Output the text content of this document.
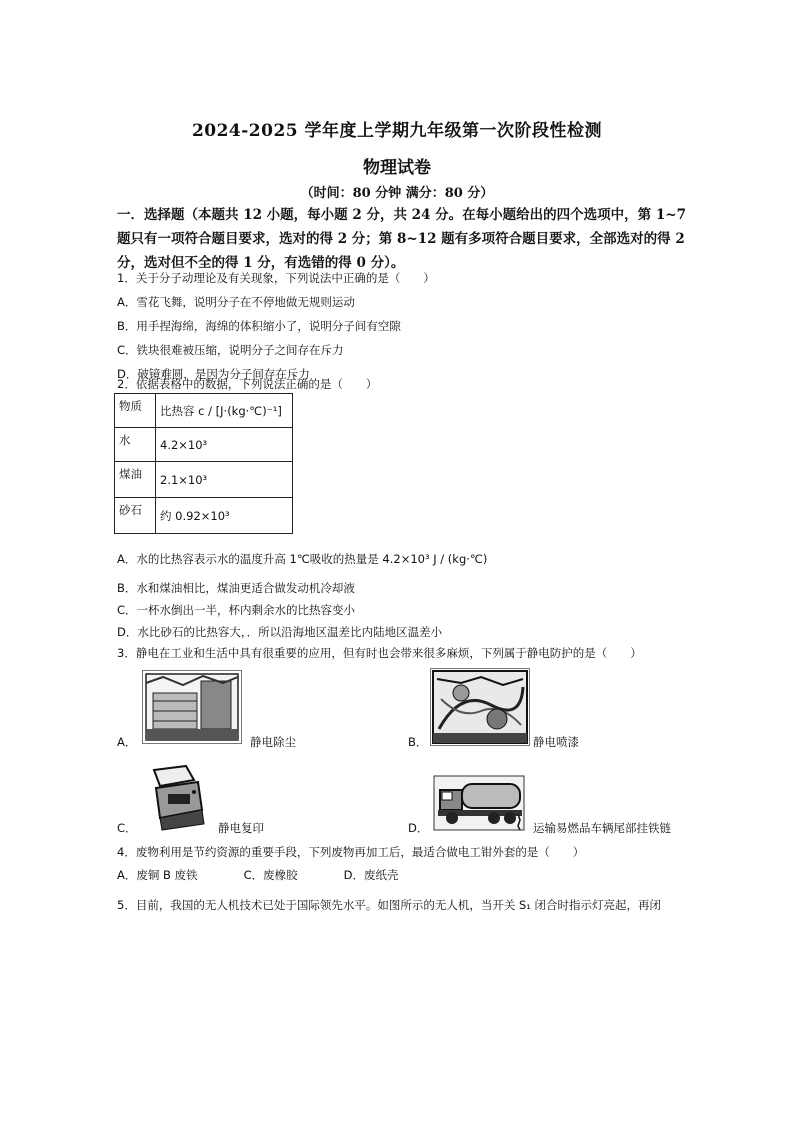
2024-2025 学年度上学期九年级第一次阶段性检测
物理试卷
（时间：80 分钟 满分：80 分）
一．选择题（本题共 12 小题，每小题 2 分，共 24 分。在每小题给出的四个选项中，第 1~7
题只有一项符合题目要求，选对的得 2 分；第 8~12 题有多项符合题目要求，全部选对的得 2
分，选对但不全的得 1 分，有选错的得 0 分）。
1．关于分子动理论及有关现象，下列说法中正确的是（　　）
A．雪花飞舞，说明分子在不停地做无规则运动
B．用手捏海绵，海绵的体积缩小了，说明分子间有空隙
C．铁块很难被压缩，说明分子之间存在斥力
D．破镜难圆，是因为分子间存在斥力
2．依据表格中的数据，下列说法正确的是（　　）
物质	比热容 c / [J·(kg·℃)⁻¹]
水	4.2×10³
煤油	2.1×10³
砂石	约 0.92×10³
A．水的比热容表示水的温度升高 1℃吸收的热量是 4.2×10³ J / (kg·℃)
B．水和煤油相比，煤油更适合做发动机冷却液
C．一杯水倒出一半，杯内剩余水的比热容变小
D．水比砂石的比热容大，．所以沿海地区温差比内陆地区温差小
3．静电在工业和生活中具有很重要的应用，但有时也会带来很多麻烦，下列属于静电防护的是（　　）
A．	静电除尘	B．	静电喷漆
C．	静电复印	D．	运输易燃品车辆尾部挂铁链
4．废物利用是节约资源的重要手段，下列废物再加工后，最适合做电工钳外套的是（　　）
A．废铜 B 废铁　　　　C．废橡胶　　　　D．废纸壳
5．目前，我国的无人机技术已处于国际领先水平。如图所示的无人机，当开关 S₁ 闭合时指示灯亮起，再闭
